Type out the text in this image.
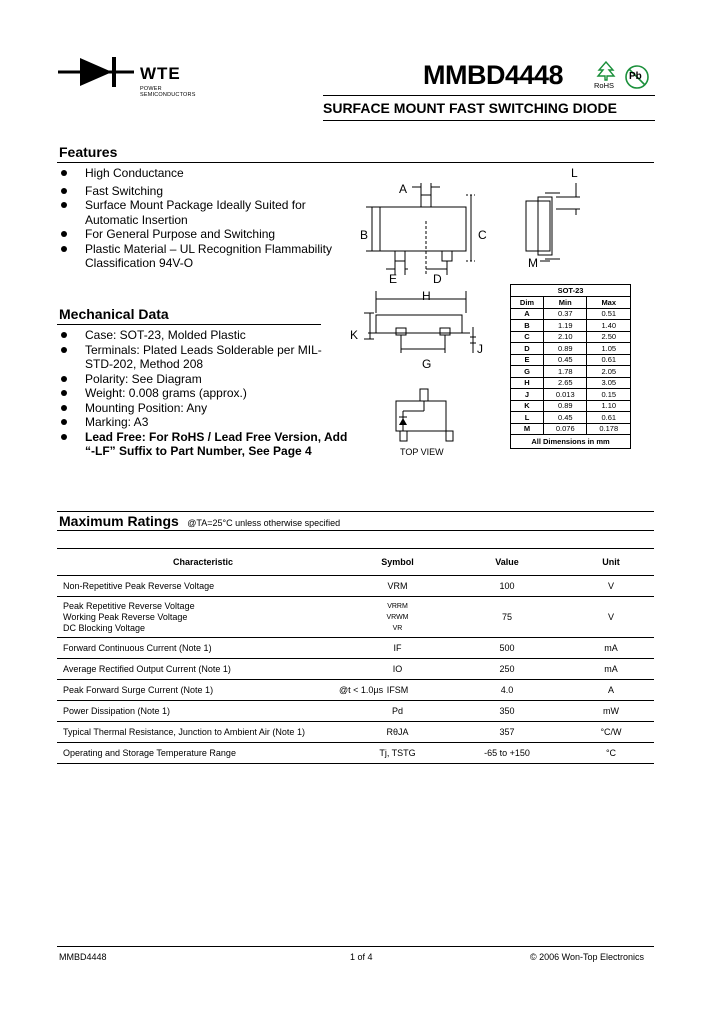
WTE
POWER SEMICONDUCTORS
MMBD4448	RoHS
Pb
SURFACE MOUNT FAST SWITCHING DIODE
Features
High Conductance
Fast Switching
Surface Mount Package Ideally Suited for Automatic Insertion
For General Purpose and Switching
Plastic Material – UL Recognition Flammability Classification 94V-O
Mechanical Data
Case: SOT-23, Molded Plastic
Terminals: Plated Leads Solderable per MIL-STD-202, Method 208
Polarity: See Diagram
Weight: 0.008 grams (approx.)
Mounting Position: Any
Marking: A3
Lead Free: For RoHS / Lead Free Version, Add “-LF” Suffix to Part Number, See Page 4
A
B	C
D
E
H
K
J
G
TOP VIEW
L
M
SOT-23		
Dim	Min	Max
A	0.37	0.51
B	1.19	1.40
C	2.10	2.50
D	0.89	1.05
E	0.45	0.61
G	1.78	2.05
H	2.65	3.05
J	0.013	0.15
K	0.89	1.10
L	0.45	0.61
M	0.076	0.178
All Dimensions in mm		
Maximum Ratings @TA=25°C unless otherwise specified
Characteristic	Symbol	Value	Unit
Non-Repetitive Peak Reverse Voltage	VRM	100	V
Peak Repetitive Reverse Voltage
Working Peak Reverse Voltage
DC Blocking Voltage	VRRM
VRWM
VR	75	V
Forward Continuous Current (Note 1)	IF	500	mA
Average Rectified Output Current (Note 1)	IO	250	mA
Peak Forward Surge Current (Note 1) @t < 1.0µs	IFSM	4.0	A
Power Dissipation (Note 1)	Pd	350	mW
Typical Thermal Resistance, Junction to Ambient Air (Note 1)	RθJA	357	°C/W
Operating and Storage Temperature Range	Tj, TSTG	-65 to +150	°C
MMBD4448	1 of 4	© 2006 Won-Top Electronics
